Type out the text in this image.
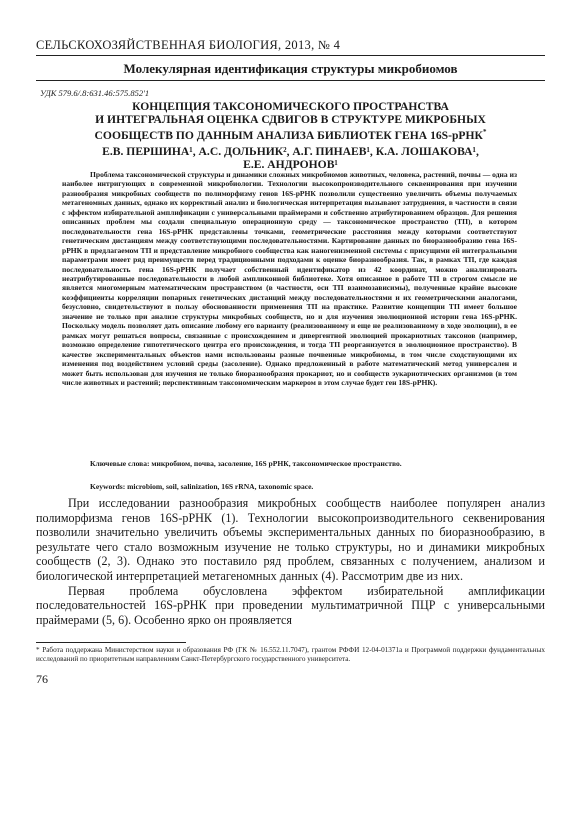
СЕЛЬСКОХОЗЯЙСТВЕННАЯ БИОЛОГИЯ, 2013, № 4
Молекулярная идентификация структуры микробиомов
УДК 579.6/.8:631.46:575.852'1
КОНЦЕПЦИЯ ТАКСОНОМИЧЕСКОГО ПРОСТРАНСТВА
И ИНТЕГРАЛЬНАЯ ОЦЕНКА СДВИГОВ В СТРУКТУРЕ МИКРОБНЫХ
СООБЩЕСТВ ПО ДАННЫМ АНАЛИЗА БИБЛИОТЕК ГЕНА 16S-рРНК*
Е.В. ПЕРШИНА¹, А.С. ДОЛЬНИК², А.Г. ПИНАЕВ¹, К.А. ЛОШАКОВА¹,
Е.Е. АНДРОНОВ¹

Проблема таксономической структуры и динамики сложных микробиомов животных, человека, растений, почвы — одна из наиболее интригующих в современной микробиологии. Технологии высокопроизводительного секвенирования при изучении разнообразия микробных сообществ по полиморфизму генов 16S-рРНК позволили существенно увеличить объемы получаемых метагеномных данных, однако их корректный анализ и биологическая интерпретация вызывают затруднения, в частности в связи с эффектом избирательной амплификации с универсальными праймерами и собственно атрибутированием образцов. Для решения описанных проблем мы создали специальную операционную среду — таксономическое пространство (ТП), в котором последовательности гена 16S-рРНК представлены точками, геометрические расстояния между которыми соответствуют генетическим дистанциям между соответствующими последовательностями. Картирование данных по биоразнообразию гена 16S-рРНК в предлагаемом ТП и представление микробного сообщества как наногенизменной системы с присущими ей интегральными параметрами имеет ряд преимуществ перед традиционными подходами к оценке биоразнообразия. Так, в рамках ТП, где каждая последовательность гена 16S-рРНК получает собственный идентификатор из 42 координат, можно анализировать неатрибутированные последовательности в любой ампликонной библиотеке. Хотя описанное в работе ТП в строгом смысле не является многомерным математическим пространством (в частности, оси ТП взаимозависимы), полученные крайне высокие коэффициенты корреляции попарных генетических дистанций между последовательностями и их геометрическими аналогами, безусловно, свидетельствуют в пользу обоснованности применения ТП на практике. Развитие концепции ТП имеет большое значение не только при анализе структуры микробных сообществ, но и для изучения эволюционной истории гена 16S-рРНК. Поскольку модель позволяет дать описание любому его варианту (реализованному и еще не реализованному в ходе эволюции), в ее рамках могут решаться вопросы, связанные с происхождением и дивергентной эволюцией прокариотных таксонов (например, возможно определение гипотетического центра его происхождения, и тогда ТП реорганизуется в эволюционное пространство). В качестве экспериментальных объектов нами использованы разные почвенные микробиомы, в том числе сходствующими их изменения под воздействием условий среды (засоление). Однако предложенный в работе математический метод универсален и может быть использован для изучения не только биоразнообразия прокариот, но и сообществ эукариотических организмов (в том числе животных и растений; перспективным таксономическим маркером в этом случае будет ген 18S-рРНК).

Ключевые слова: микробиом, почва, засоление, 16S рРНК, таксономическое пространство.

Keywords: microbiom, soil, salinization, 16S rRNA, taxonomic space.

При исследовании разнообразия микробных сообществ наиболее популярен анализ полиморфизма генов 16S-рРНК (1). Технологии высокопроизводительного секвенирования позволили значительно увеличить объемы экспериментальных данных по биоразнообразию, в результате чего стало возможным изучение не только структуры, но и динамики микробных сообществ (2, 3). Однако это поставило ряд проблем, связанных с получением, анализом и биологической интерпретацией метагеномных данных (4). Рассмотрим две из них.

Первая проблема обусловлена эффектом избирательной амплификации последовательностей 16S-рРНК при проведении мультиматричной ПЦР с универсальными праймерами (5, 6). Особенно ярко он проявляется

* Работа поддержана Министерством науки и образования РФ (ГК № 16.552.11.7047), грантом РФФИ 12-04-01371а и Программой поддержки фундаментальных исследований по приоритетным направлениям Санкт-Петербургского государственного университета.
76
